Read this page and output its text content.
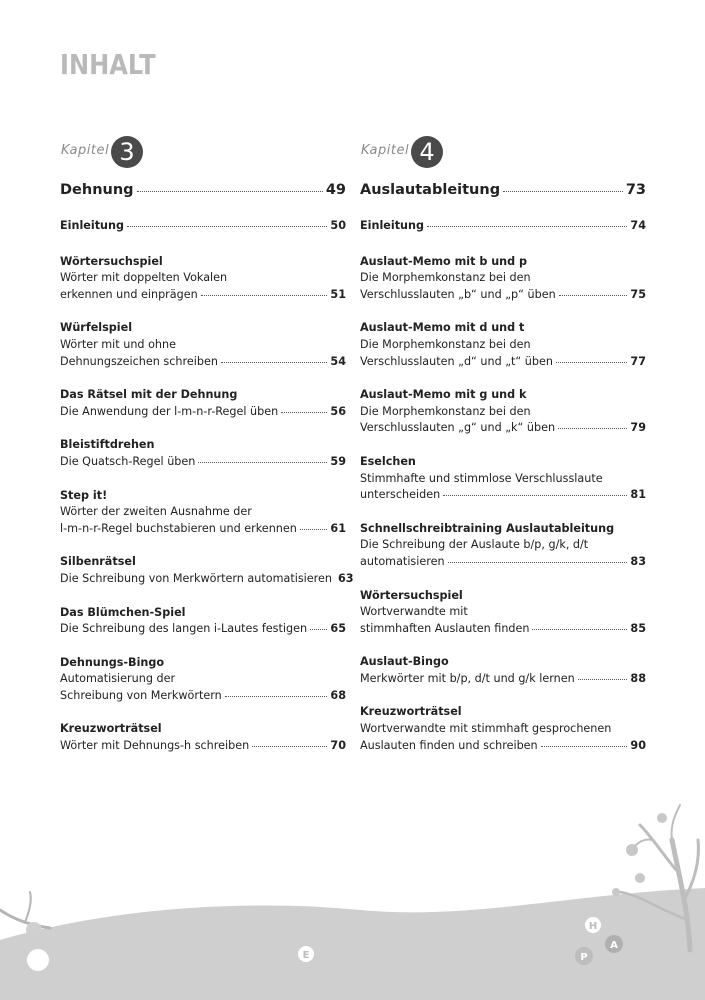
INHALT
Kapitel 3
Dehnung	49
Einleitung	50
Wörtersuchspiel
Wörter mit doppelten Vokalen
erkennen und einprägen	51
Würfelspiel
Wörter mit und ohne
Dehnungszeichen schreiben	54
Das Rätsel mit der Dehnung
Die Anwendung der l-m-n-r-Regel üben	56
Bleistiftdrehen
Die Quatsch-Regel üben	59
Step it!
Wörter der zweiten Ausnahme der
l-m-n-r-Regel buchstabieren und erkennen	61
Silbenrätsel
Die Schreibung von Merkwörtern automatisieren 63
Das Blümchen-Spiel
Die Schreibung des langen i-Lautes festigen 65
Dehnungs-Bingo
Automatisierung der
Schreibung von Merkwörtern	68
Kreuzworträtsel
Wörter mit Dehnungs-h schreiben	70
Kapitel 4
Auslautableitung	73
Einleitung	74
Auslaut-Memo mit b und p
Die Morphemkonstanz bei den
Verschlusslauten „b“ und „p“ üben	75
Auslaut-Memo mit d und t
Die Morphemkonstanz bei den
Verschlusslauten „d“ und „t“ üben	77
Auslaut-Memo mit g und k
Die Morphemkonstanz bei den
Verschlusslauten „g“ und „k“ üben	79
Eselchen
Stimmhafte und stimmlose Verschlusslaute
unterscheiden	81
Schnellschreibtraining Auslautableitung
Die Schreibung der Auslaute b/p, g/k, d/t
automatisieren	83
Wörtersuchspiel
Wortverwandte mit
stimmhaften Auslauten finden	85
Auslaut-Bingo
Merkwörter mit b/p, d/t und g/k lernen	88
Kreuzworträtsel
Wortverwandte mit stimmhaft gesprochenen
Auslauten finden und schreiben	90
E
H
P
A
